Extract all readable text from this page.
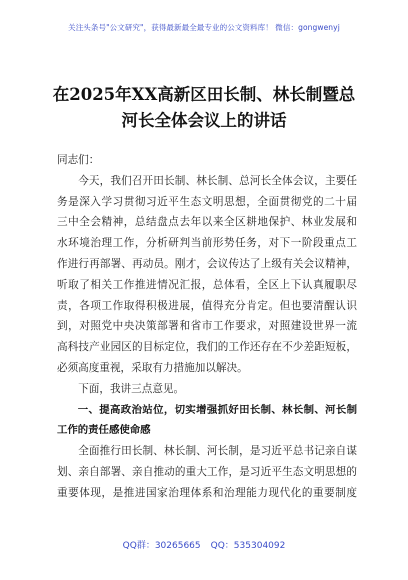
关注头条号"公文研究"，获得最新最全最专业的公文资料库！ 微信：gongwenyj
在2025年XX高新区田长制、林长制暨总
河长全体会议上的讲话

同志们：

今天，我们召开田长制、林长制、总河长全体会议，主要任
务是深入学习贯彻习近平生态文明思想，全面贯彻党的二十届
三中全会精神，总结盘点去年以来全区耕地保护、林业发展和
水环境治理工作，分析研判当前形势任务，对下一阶段重点工
作进行再部署、再动员。刚才，会议传达了上级有关会议精神，
听取了相关工作推进情况汇报，总体看，全区上下认真履职尽
责，各项工作取得积极进展，值得充分肯定。但也要清醒认识
到，对照党中央决策部署和省市工作要求，对照建设世界一流
高科技产业园区的目标定位，我们的工作还存在不少差距短板，
必须高度重视，采取有力措施加以解决。

下面，我讲三点意见。

一、提高政治站位，切实增强抓好田长制、林长制、河长制
工作的责任感使命感
全面推行田长制、林长制、河长制，是习近平总书记亲自谋
划、亲自部署、亲自推动的重大工作，是习近平生态文明思想的
重要体现，是推进国家治理体系和治理能力现代化的重要制度
QQ群：30265665 QQ：535304092
